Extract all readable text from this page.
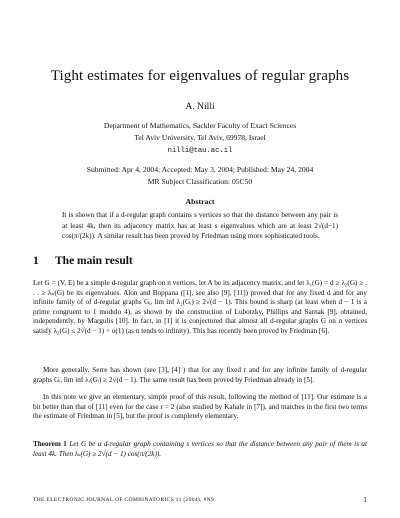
Tight estimates for eigenvalues of regular graphs
A. Nilli
Department of Mathematics, Sackler Faculty of Exact Sciences
Tel Aviv University, Tel Aviv, 69978, Israel
nilli@tau.ac.il
Submitted: Apr 4, 2004; Accepted: May 3, 2004; Published: May 24, 2004
MR Subject Classification: 05C50
Abstract
It is shown that if a d-regular graph contains s vertices so that the distance between any pair is at least 4k, then its adjacency matrix has at least s eigenvalues which are at least 2√(d−1) cos(π/(2k)). A similar result has been proved by Friedman using more sophisticated tools.
1 The main result
Let G = (V, E) be a simple d-regular graph on n vertices, let A be its adjacency matrix, and let λ₁(G) = d ≥ λ₂(G) ≥ . . . ≥ λₙ(G) be its eigenvalues. Alon and Boppana ([1], see also [9], [11]) proved that for any fixed d and for any infinite family of of d-regular graphs Gᵢ, lim inf λ₂(Gᵢ) ≥ 2√(d − 1). This bound is sharp (at least when d − 1 is a prime congruent to 1 modulo 4), as shown by the construction of Lubotzky, Phillips and Sarnak [9], obtained, independently, by Margulis [10]. In fact, in [1] it is conjectured that almost all d-regular graphs G on n vertices satisfy λ₂(G) ≤ 2√(d − 1) + o(1) (as n tends to infinity). This has recently been proved by Friedman [6].
More generally, Serre has shown (see [3], [4] ) that for any fixed r and for any infinite family of d-regular graphs Gᵢ, lim inf λᵣ(Gᵢ) ≥ 2√(d − 1). The same result has been proved by Friedman already in [5].
In this note we give an elementary, simple proof of this result, following the method of [11]. Our estimate is a bit better than that of [11] even for the case r = 2 (also studied by Kahale in [7]), and matches in the first two terms the estimate of Friedman in [5], but the proof is completely elementary.
Theorem 1 Let G be a d-regular graph containing s vertices so that the distance between any pair of them is at least 4k. Then λₛ(G) ≥ 2√(d − 1) cos(π/(2k)).
THE ELECTRONIC JOURNAL OF COMBINATORICS 11 (2004), #N9	1
